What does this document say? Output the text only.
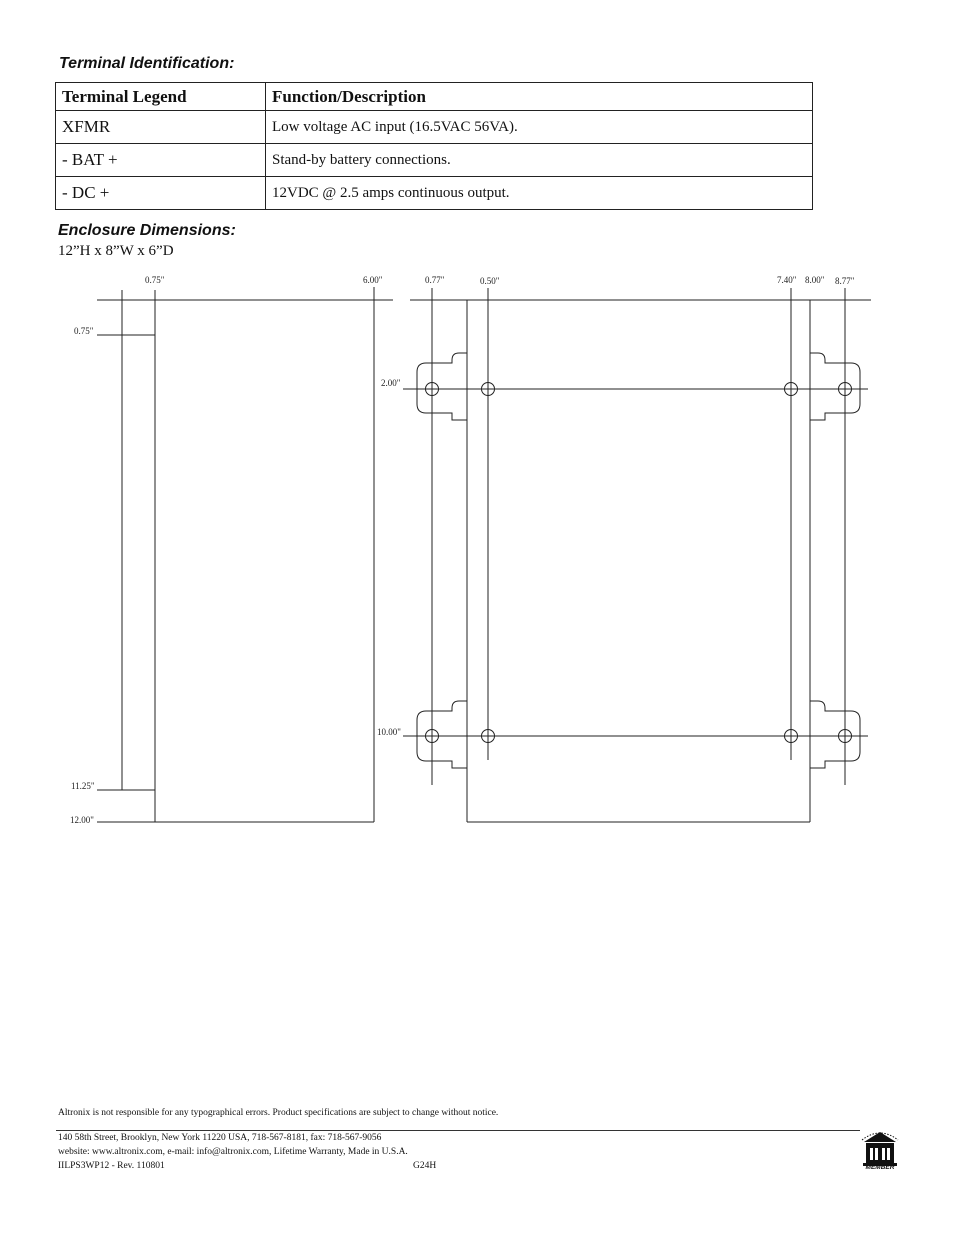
Terminal Identification:
Terminal Legend	Function/Description
XFMR	Low voltage AC input (16.5VAC 56VA).
- BAT +	Stand-by battery connections.
- DC +	12VDC @ 2.5 amps continuous output.
Enclosure Dimensions:
12”H x 8”W x 6”D
0.75"	6.00"
0.75"
11.25"
12.00"
0.77"	0.50"	7.40" 8.00" 8.77"
2.00"
10.00"
Altronix is not responsible for any typographical errors. Product specifications are subject to change without notice.
140 58th Street, Brooklyn, New York 11220 USA, 718-567-8181, fax: 718-567-9056
website: www.altronix.com, e-mail: info@altronix.com, Lifetime Warranty, Made in U.S.A.
IILPS3WP12 - Rev. 110801	G24H	MEMBER
